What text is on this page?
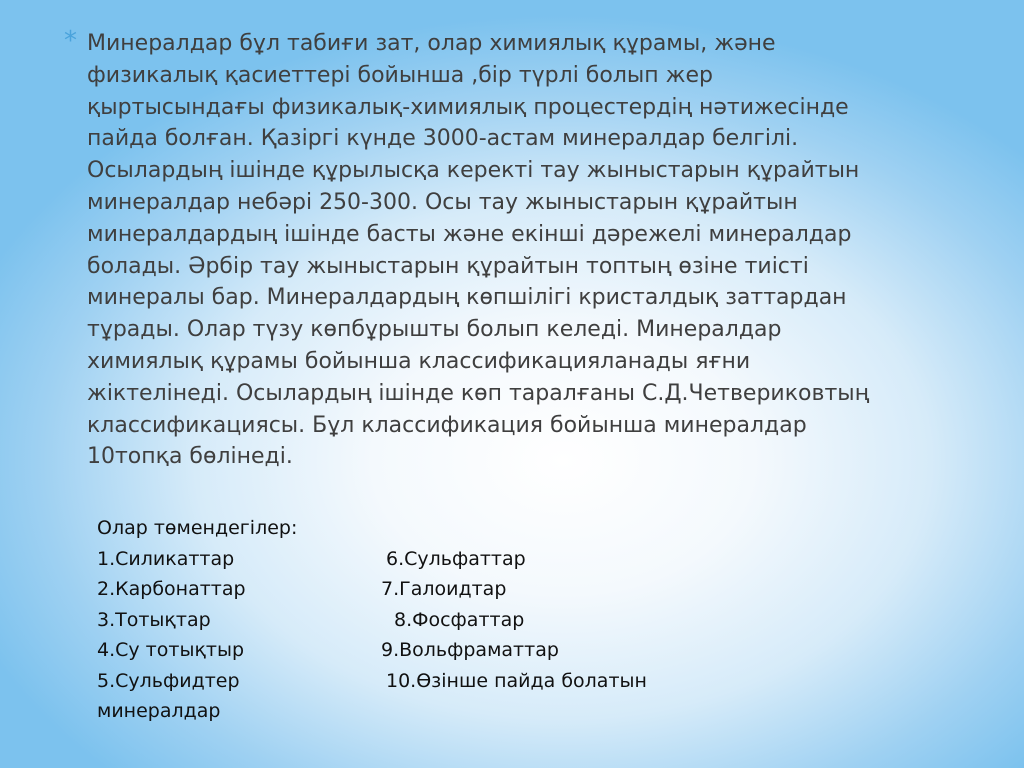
* Минералдар бұл табиғи зат, олар химиялық құрамы, және
физикалық қасиеттері бойынша ,бір түрлі болып жер
қыртысындағы физикалық-химиялық процестердің нәтижесінде
пайда болған. Қазіргі күнде 3000-астам минералдар белгілі.
Осылардың ішінде құрылысқа керекті тау жыныстарын құрайтын
минералдар небәрі 250-300. Осы тау жыныстарын құрайтын
минералдардың ішінде басты және екінші дәрежелі минералдар
болады. Әрбір тау жыныстарын құрайтын топтың өзіне тиісті
минералы бар. Минералдардың көпшілігі кристалдық заттардан
тұрады. Олар түзу көпбұрышты болып келеді. Минералдар
химиялық құрамы бойынша классификацияланады яғни
жіктелінеді. Осылардың ішінде көп таралғаны С.Д.Четвериковтың
классификациясы. Бұл классификация бойынша минералдар
10топқа бөлінеді.

Олар төмендегілер:
1.Силикаттар	6.Сульфаттар
2.Карбонаттар	7.Галоидтар
3.Тотықтар	8.Фосфаттар
4.Су тотықтыр	9.Вольфраматтар
5.Сульфидтер	10.Өзінше пайда болатын
минералдар
